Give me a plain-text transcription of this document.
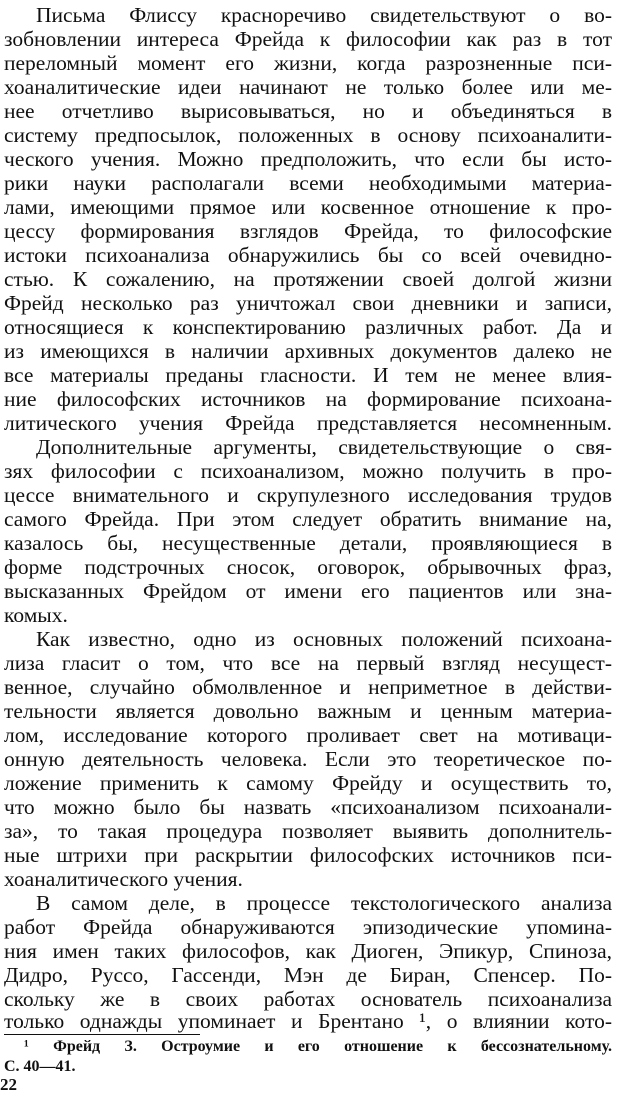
Письма Флиссу красноречиво свидетельствуют о во-
зобновлении интереса Фрейда к философии как раз в тот
переломный момент его жизни, когда разрозненные пси-
хоаналитические идеи начинают не только более или ме-
нее отчетливо вырисовываться, но и объединяться в
систему предпосылок, положенных в основу психоаналити-
ческого учения. Можно предположить, что если бы исто-
рики науки располагали всеми необходимыми материа-
лами, имеющими прямое или косвенное отношение к про-
цессу формирования взглядов Фрейда, то философские
истоки психоанализа обнаружились бы со всей очевидно-
стью. К сожалению, на протяжении своей долгой жизни
Фрейд несколько раз уничтожал свои дневники и записи,
относящиеся к конспектированию различных работ. Да и
из имеющихся в наличии архивных документов далеко не
все материалы преданы гласности. И тем не менее влия-
ние философских источников на формирование психоана-
литического учения Фрейда представляется несомненным.
Дополнительные аргументы, свидетельствующие о свя-
зях философии с психоанализом, можно получить в про-
цессе внимательного и скрупулезного исследования трудов
самого Фрейда. При этом следует обратить внимание на,
казалось бы, несущественные детали, проявляющиеся в
форме подстрочных сносок, оговорок, обрывочных фраз,
высказанных Фрейдом от имени его пациентов или зна-
комых.
Как известно, одно из основных положений психоана-
лиза гласит о том, что все на первый взгляд несущест-
венное, случайно обмолвленное и неприметное в действи-
тельности является довольно важным и ценным материа-
лом, исследование которого проливает свет на мотиваци-
онную деятельность человека. Если это теоретическое по-
ложение применить к самому Фрейду и осуществить то,
что можно было бы назвать «психоанализом психоанали-
за», то такая процедура позволяет выявить дополнитель-
ные штрихи при раскрытии философских источников пси-
хоаналитического учения.
В самом деле, в процессе текстологического анализа
работ Фрейда обнаруживаются эпизодические упомина-
ния имен таких философов, как Диоген, Эпикур, Спиноза,
Дидро, Руссо, Гассенди, Мэн де Биран, Спенсер. По-
скольку же в своих работах основатель психоанализа
только однажды упоминает и Брентано ¹, о влиянии кото-
¹ Фрейд З. Остроумие и его отношение к бессознательному.
С. 40—41.
22
